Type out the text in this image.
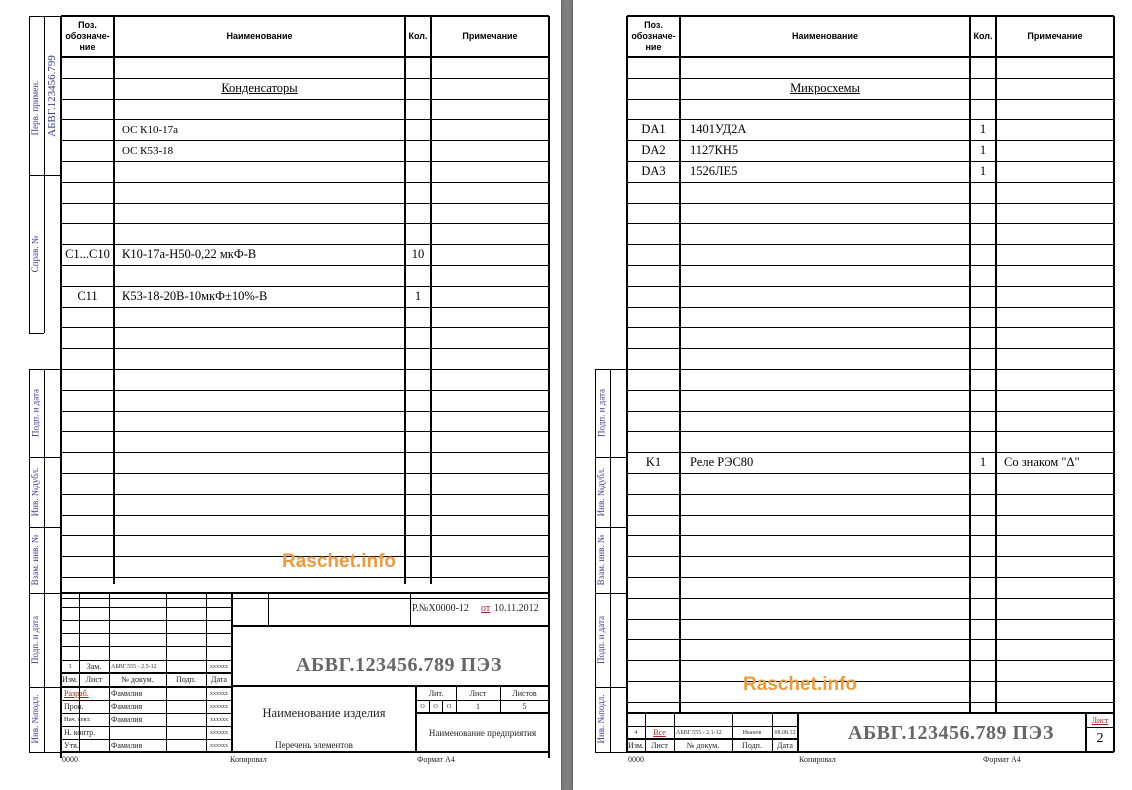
Поз. обозначе- ние
Наименование	Кол.	Примечание
Конденсаторы
ОС К10-17а
ОС К53-18
C1...C10 К10-17а-Н50-0,22 мкФ-В	10
C11	К53-18-20В-10мкФ±10%-В	1
Raschet.info
Перв. примен. АБВГ.123456.799
Справ. №
Подп. и дата
Инв. №дубл.
Взам. инв. №
Подп. и дата
Инв. №подл.
Р.№Х0000-12	от 10.11.2012
АБВГ.123456.789 ПЭЗ
3	Зам.	АБВГ.555 - 2.5-12	xxxxxx
Изм. Лист	№ докум.	Подп.	Дата
Разраб.	Фамилия	xxxxxx
Пров.	Фамилия	xxxxxx
Нач. сект.	Фамилия	xxxxxx
Н. контр.	xxxxxx
Утв.	Фамилия	xxxxxx
Наименование изделия
Перечень элементов
Лит.	Лист	Листов
O	O	O	1	5
Наименование предприятия
0000	Копировал	Формат А4
Поз. обозначе- ние
Наименование	Кол.	Примечание
Микросхемы
DA1	1401УД2А	1
DA2	1127КН5	1
DA3	1526ЛЕ5	1
K1	Реле РЭС80	1	Со знаком "Δ"
Raschet.info
Подп. и дата
Инв. №дубл.
Взам. инв. №
Подп. и дата
Инв. №подл.	4	Все	АБВГ.555 - 2.1-12	Иванов	08.08.12
Изм. Лист	№ докум.	Подп.	Дата
АБВГ.123456.789 ПЭЗ
Лист
2
0000	Копировал	Формат А4
